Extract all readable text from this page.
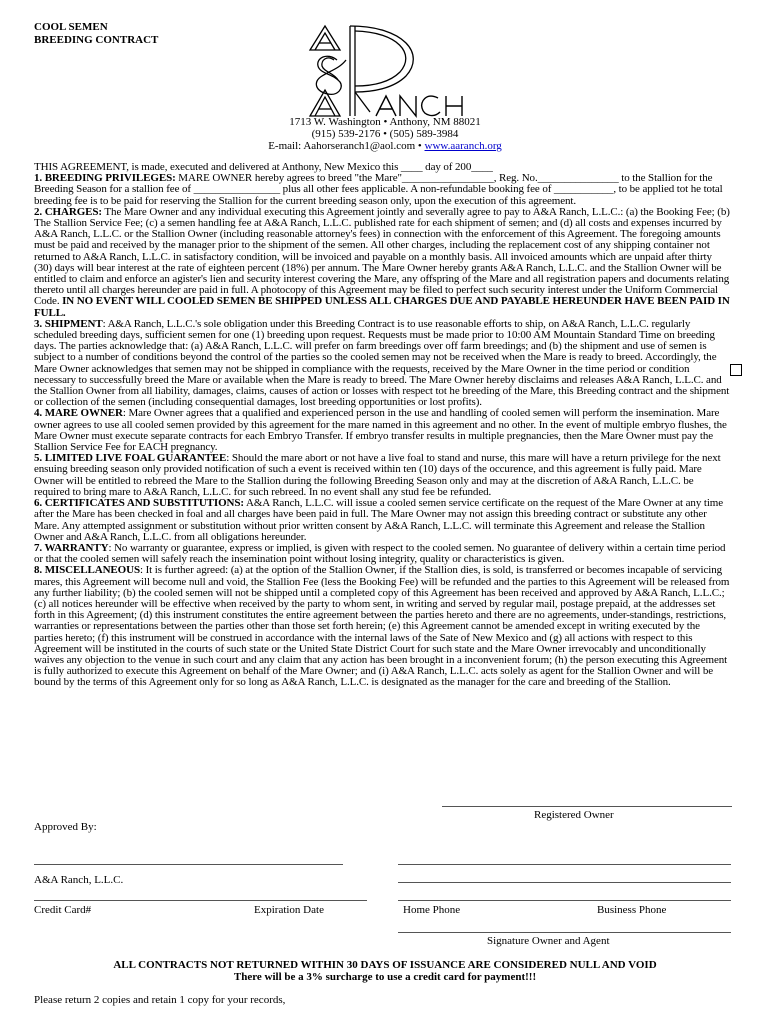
COOL SEMEN
BREEDING CONTRACT
1713 W. Washington • Anthony, NM 88021
(915) 539-2176 • (505) 589-3984
E-mail: Aahorseranch1@aol.com • www.aaranch.org

THIS AGREEMENT, is made, executed and delivered at Anthony, New Mexico this ____ day of 200____

1. BREEDING PRIVILEGES: MARE OWNER hereby agrees to breed "the Mare"_________________, Reg. No._______________ to the Stallion for the Breeding Season for a stallion fee of ________________ plus all other fees applicable. A non-refundable booking fee of ___________, to be applied tot he total breeding fee is to be paid for reserving the Stallion for the current breeding season only, upon the execution of this agreement.

2. CHARGES: The Mare Owner and any individual executing this Agreement jointly and severally agree to pay to A&A Ranch, L.L.C.: (a) the Booking Fee; (b) The Stallion Service Fee; (c) a semen handling fee at A&A Ranch, L.L.C. published rate for each shipment of semen; and (d) all costs and expenses incurred by A&A Ranch, L.L.C. or the Stallion Owner (including reasonable attorney's fees) in connection with the enforcement of this Agreement. The foregoing amounts must be paid and received by the manager prior to the shipment of the semen. All other charges, including the replacement cost of any shipping container not returned to A&A Ranch, L.L.C. in satisfactory condition, will be invoiced and payable on a monthly basis. All invoiced amounts which are unpaid after thirty (30) days will bear interest at the rate of eighteen percent (18%) per annum. The Mare Owner hereby grants A&A Ranch, L.L.C. and the Stallion Owner will be entitled to claim and enforce an agister's lien and security interest covering the Mare, any offspring of the Mare and all registration papers and documents relating thereto until all charges hereunder are paid in full. A photocopy of this Agreement may be filed to perfect such security interest under the Uniform Commercial Code. IN NO EVENT WILL COOLED SEMEN BE SHIPPED UNLESS ALL CHARGES DUE AND PAYABLE HEREUNDER HAVE BEEN PAID IN FULL.

3. SHIPMENT: A&A Ranch, L.L.C.'s sole obligation under this Breeding Contract is to use reasonable efforts to ship, on A&A Ranch, L.L.C. regularly scheduled breeding days, sufficient semen for one (1) breeding upon request. Requests must be made prior to 10:00 AM Mountain Standard Time on breeding days. The parties acknowledge that: (a) A&A Ranch, L.L.C. will prefer on farm breedings over off farm breedings; and (b) the shipment and use of semen is subject to a number of conditions beyond the control of the parties so the cooled semen may not be received when the Mare is ready to breed. Accordingly, the Mare Owner acknowledges that semen may not be shipped in compliance with the requests, received by the Mare Owner in the time period or condition necessary to successfully breed the Mare or available when the Mare is ready to breed. The Mare Owner hereby disclaims and releases A&A Ranch, L.L.C. and the Stallion Owner from all liability, damages, claims, causes of action or losses with respect tot he breeding of the Mare, this Breeding contract and the shipment or collection of the semen (including consequential damages, lost breeding opportunities or lost profits).

4. MARE OWNER: Mare Owner agrees that a qualified and experienced person in the use and handling of cooled semen will perform the insemination. Mare owner agrees to use all cooled semen provided by this agreement for the mare named in this agreement and no other. In the event of multiple embryo flushes, the Mare Owner must execute separate contracts for each Embryo Transfer. If embryo transfer results in multiple pregnancies, then the Mare Owner must pay the Stallion Service Fee for EACH pregnancy.

5. LIMITED LIVE FOAL GUARANTEE: Should the mare abort or not have a live foal to stand and nurse, this mare will have a return privilege for the next ensuing breeding season only provided notification of such a event is received within ten (10) days of the occurence, and this agreement is fully paid. Mare Owner will be entitled to rebreed the Mare to the Stallion during the following Breeding Season only and may at the discretion of A&A Ranch, L.L.C. be required to bring mare to A&A Ranch, L.L.C. for such rebreed. In no event shall any stud fee be refunded.

6. CERTIFICATES AND SUBSTITUTIONS: A&A Ranch, L.L.C. will issue a cooled semen service certificate on the request of the Mare Owner at any time after the Mare has been checked in foal and all charges have been paid in full. The Mare Owner may not assign this breeding contract or substitute any other Mare. Any attempted assignment or substitution without prior written consent by A&A Ranch, L.L.C. will terminate this Agreement and release the Stallion Owner and A&A Ranch, L.L.C. from all obligations hereunder.

7. WARRANTY: No warranty or guarantee, express or implied, is given with respect to the cooled semen. No guarantee of delivery within a certain time period or that the cooled semen will safely reach the insemination point without losing integrity, quality or characteristics is given.

8. MISCELLANEOUS: It is further agreed: (a) at the option of the Stallion Owner, if the Stallion dies, is sold, is transferred or becomes incapable of servicing mares, this Agreement will become null and void, the Stallion Fee (less the Booking Fee) will be refunded and the parties to this Agreement will be released from any further liability; (b) the cooled semen will not be shipped until a completed copy of this Agreement has been received and approved by A&A Ranch, L.L.C.; (c) all notices hereunder will be effective when received by the party to whom sent, in writing and served by regular mail, postage prepaid, at the addresses set forth in this Agreement; (d) this instrument constitutes the entire agreement between the parties hereto and there are no agreements, under-standings, restrictions, warranties or representations between the parties other than those set forth herein; (e) this Agreement cannot be amended except in writing executed by the parties hereto; (f) this instrument will be construed in accordance with the internal laws of the Sate of New Mexico and (g) all actions with respect to this Agreement will be instituted in the courts of such state or the United State District Court for such state and the Mare Owner irrevocably and unconditionally waives any objection to the venue in such court and any claim that any action has been brought in a inconvenient forum; (h) the person executing this Agreement is fully authorized to execute this Agreement on behalf of the Mare Owner; and (i) A&A Ranch, L.L.C. acts solely as agent for the Stallion Owner and will be bound by the terms of this Agreement only for so long as A&A Ranch, L.L.C. is designated as the manager for the care and breeding of the Stallion.

Registered Owner
Approved By:
A&A Ranch, L.L.C.
Credit Card#	Expiration Date	Home Phone	Business Phone
Signature Owner and Agent
ALL CONTRACTS NOT RETURNED WITHIN 30 DAYS OF ISSUANCE ARE CONSIDERED NULL AND VOID
There will be a 3% surcharge to use a credit card for payment!!!
Please return 2 copies and retain 1 copy for your records,
